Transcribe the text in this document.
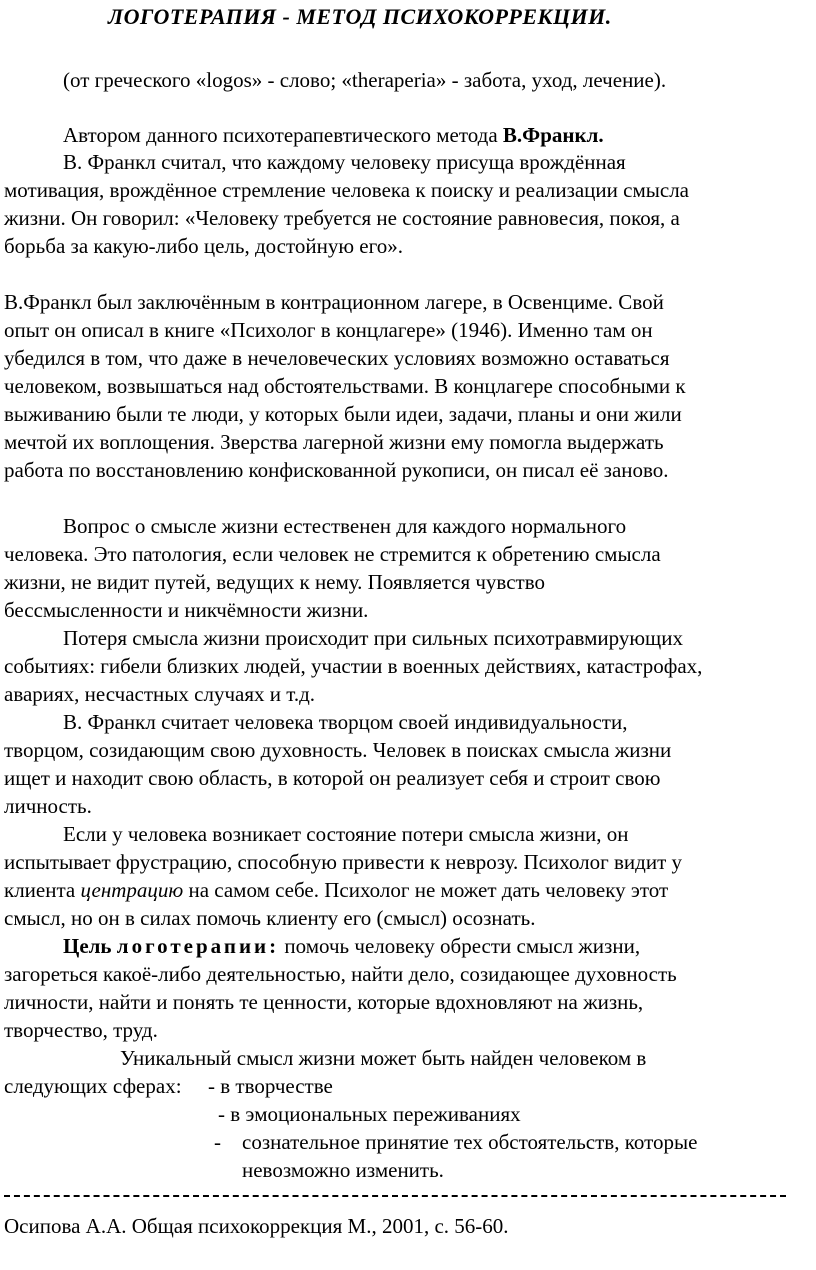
ЛОГОТЕРАПИЯ - МЕТОД ПСИХОКОРРЕКЦИИ.
(от греческого «logos» - слово; «theraperia» - забота, уход, лечение).
Автором данного психотерапевтического метода В.Франкл.
В. Франкл считал, что каждому человеку присуща врождённая
мотивация, врождённое стремление человека к поиску и реализации смысла
жизни. Он говорил: «Человеку требуется не состояние равновесия, покоя, а
борьба за какую-либо цель, достойную его».
В.Франкл был заключённым в контрационном лагере, в Освенциме. Свой
опыт он описал в книге «Психолог в концлагере» (1946). Именно там он
убедился в том, что даже в нечеловеческих условиях возможно оставаться
человеком, возвышаться над обстоятельствами. В концлагере способными к
выживанию были те люди, у которых были идеи, задачи, планы и они жили
мечтой их воплощения. Зверства лагерной жизни ему помогла выдержать
работа по восстановлению конфискованной рукописи, он писал её заново.
Вопрос о смысле жизни естественен для каждого нормального
человека. Это патология, если человек не стремится к обретению смысла
жизни, не видит путей, ведущих к нему. Появляется чувство
бессмысленности и никчёмности жизни.
Потеря смысла жизни происходит при сильных психотравмирующих
событиях: гибели близких людей, участии в военных действиях, катастрофах,
авариях, несчастных случаях и т.д.
В. Франкл считает человека творцом своей индивидуальности,
творцом, созидающим свою духовность. Человек в поисках смысла жизни
ищет и находит свою область, в которой он реализует себя и строит свою
личность.
Если у человека возникает состояние потери смысла жизни, он
испытывает фрустрацию, способную привести к неврозу. Психолог видит у
клиента центрацию на самом себе. Психолог не может дать человеку этот
смысл, но он в силах помочь клиенту его (смысл) осознать.
Цель логотерапии: помочь человеку обрести смысл жизни,
загореться какоё-либо деятельностью, найти дело, созидающее духовность
личности, найти и понять те ценности, которые вдохновляют на жизнь,
творчество, труд.
Уникальный смысл жизни может быть найден человеком в
следующих сферах: - в творчестве
- в эмоциональных переживаниях
- сознательное принятие тех обстоятельств, которые
невозможно изменить.
Осипова А.А. Общая психокоррекция М., 2001, с. 56-60.
